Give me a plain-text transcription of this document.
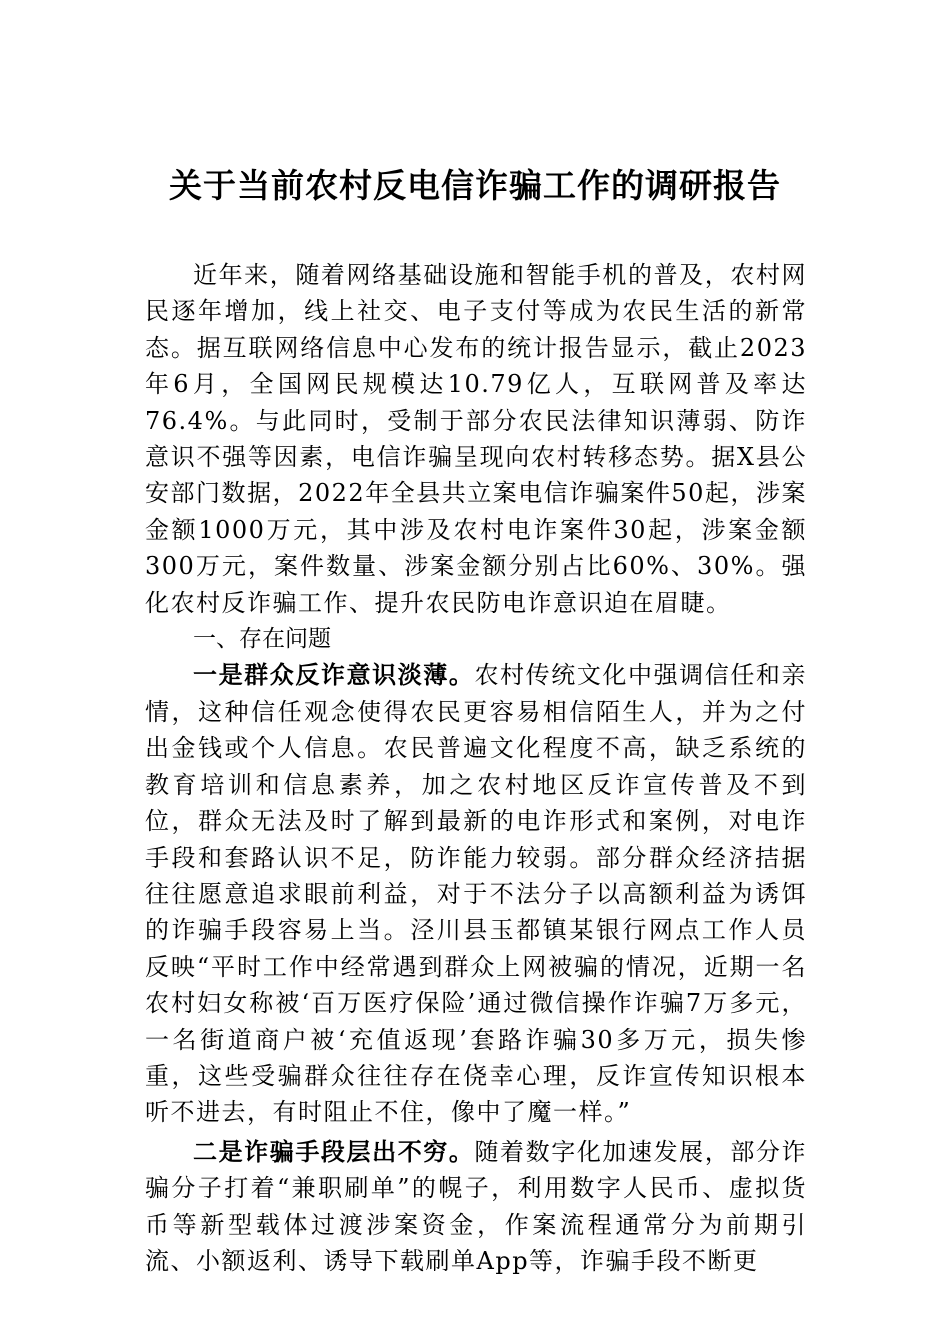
关于当前农村反电信诈骗工作的调研报告

近年来，随着网络基础设施和智能手机的普及，农村网民逐年增加，线上社交、电子支付等成为农民生活的新常态。据互联网络信息中心发布的统计报告显示，截止2023年6月，全国网民规模达10.79亿人，互联网普及率达76.4%。与此同时，受制于部分农民法律知识薄弱、防诈意识不强等因素，电信诈骗呈现向农村转移态势。据X县公安部门数据，2022年全县共立案电信诈骗案件50起，涉案金额1000万元，其中涉及农村电诈案件30起，涉案金额300万元，案件数量、涉案金额分别占比60%、30%。强化农村反诈骗工作、提升农民防电诈意识迫在眉睫。

一、存在问题

一是群众反诈意识淡薄。农村传统文化中强调信任和亲情，这种信任观念使得农民更容易相信陌生人，并为之付出金钱或个人信息。农民普遍文化程度不高，缺乏系统的教育培训和信息素养，加之农村地区反诈宣传普及不到位，群众无法及时了解到最新的电诈形式和案例，对电诈手段和套路认识不足，防诈能力较弱。部分群众经济拮据往往愿意追求眼前利益，对于不法分子以高额利益为诱饵的诈骗手段容易上当。泾川县玉都镇某银行网点工作人员反映“平时工作中经常遇到群众上网被骗的情况，近期一名农村妇女称被‘百万医疗保险’通过微信操作诈骗7万多元，一名街道商户被‘充值返现’套路诈骗30多万元，损失惨重，这些受骗群众往往存在侥幸心理，反诈宣传知识根本听不进去，有时阻止不住，像中了魔一样。”

二是诈骗手段层出不穷。随着数字化加速发展，部分诈骗分子打着“兼职刷单”的幌子，利用数字人民币、虚拟货币等新型载体过渡涉案资金，作案流程通常分为前期引流、小额返利、诱导下载刷单App等，诈骗手段不断更
